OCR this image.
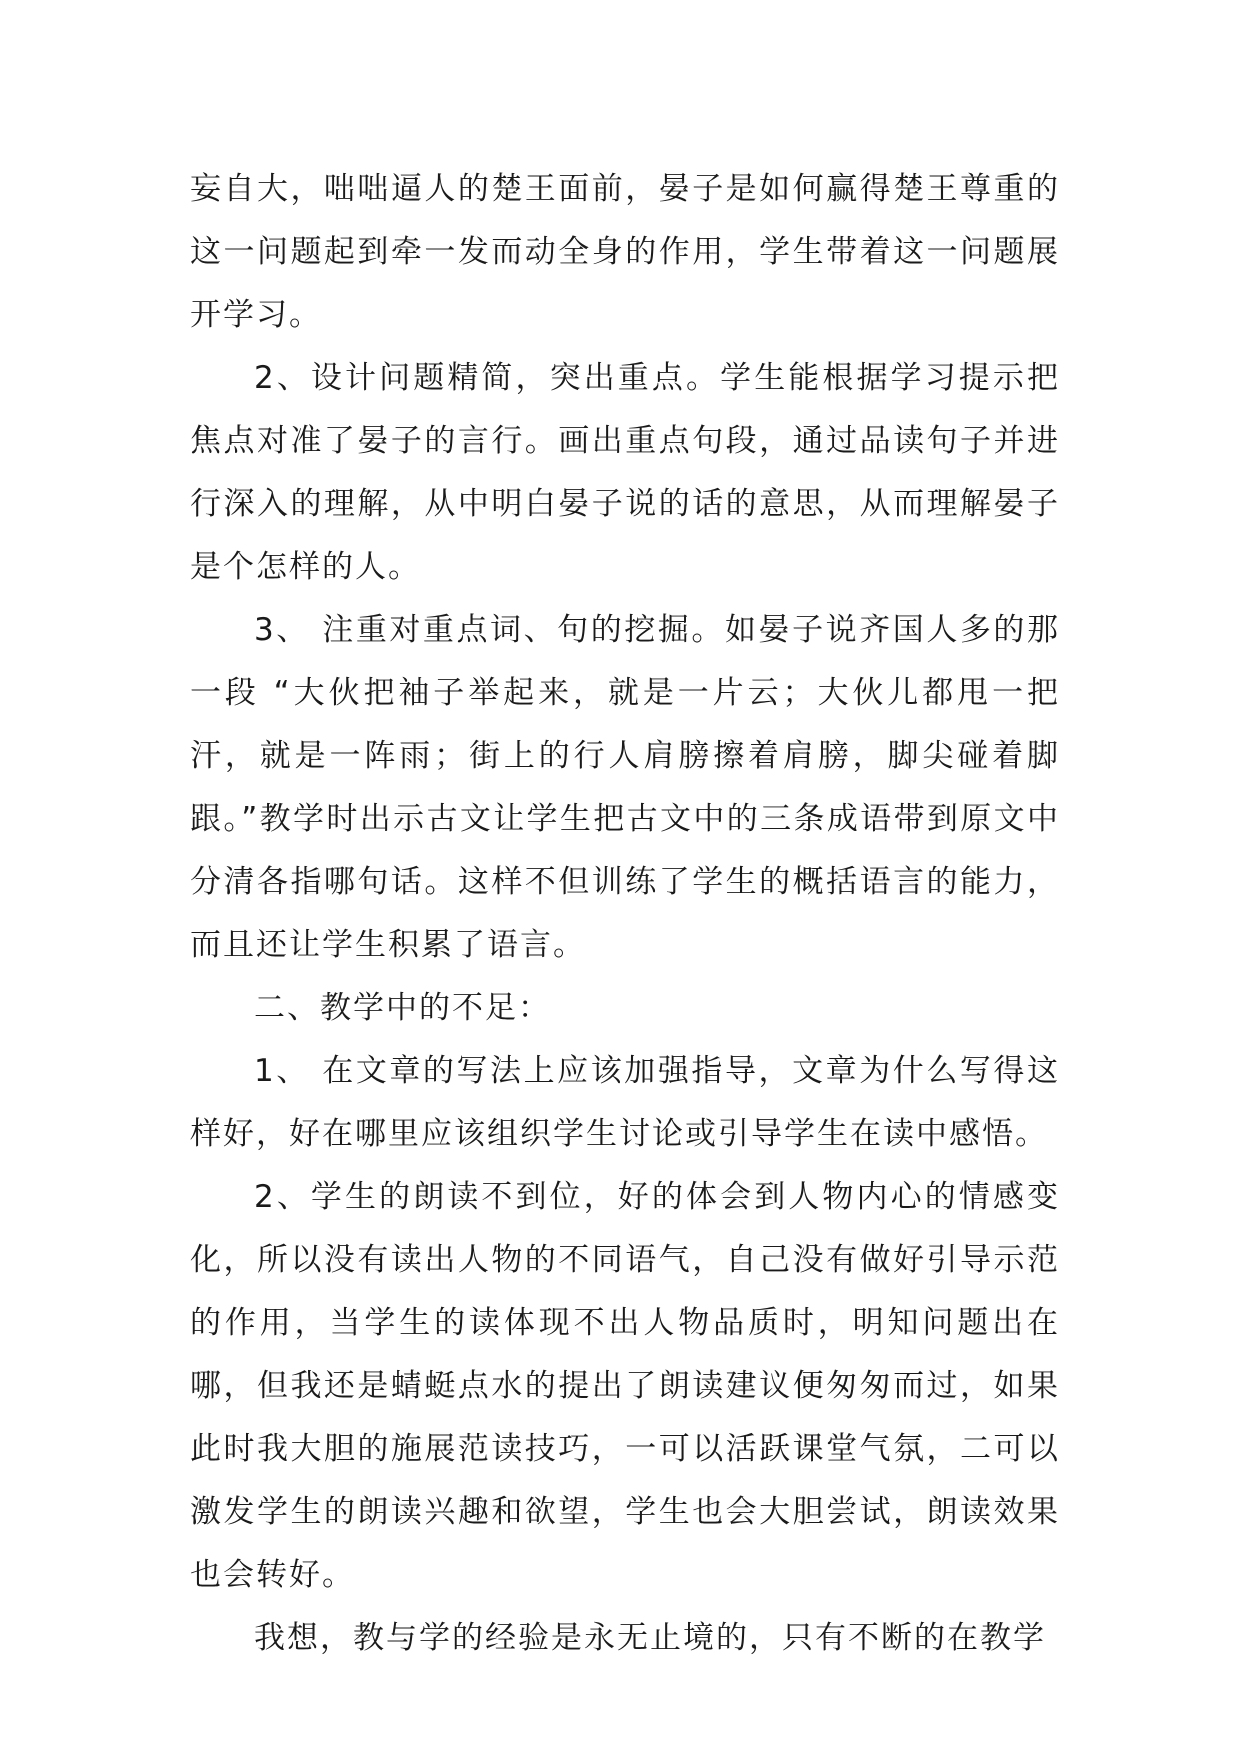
妄自大，咄咄逼人的楚王面前，晏子是如何赢得楚王尊重的这一问题起到牵一发而动全身的作用，学生带着这一问题展开学习。

2、设计问题精简，突出重点。学生能根据学习提示把焦点对准了晏子的言行。画出重点句段，通过品读句子并进行深入的理解，从中明白晏子说的话的意思，从而理解晏子是个怎样的人。

3、 注重对重点词、句的挖掘。如晏子说齐国人多的那一段 “大伙把袖子举起来，就是一片云；大伙儿都甩一把汗，就是一阵雨；街上的行人肩膀擦着肩膀，脚尖碰着脚跟。”教学时出示古文让学生把古文中的三条成语带到原文中分清各指哪句话。这样不但训练了学生的概括语言的能力，而且还让学生积累了语言。

二、教学中的不足：

1、 在文章的写法上应该加强指导，文章为什么写得这样好，好在哪里应该组织学生讨论或引导学生在读中感悟。

2、学生的朗读不到位，好的体会到人物内心的情感变化，所以没有读出人物的不同语气，自己没有做好引导示范的作用，当学生的读体现不出人物品质时，明知问题出在哪，但我还是蜻蜓点水的提出了朗读建议便匆匆而过，如果此时我大胆的施展范读技巧，一可以活跃课堂气氛，二可以激发学生的朗读兴趣和欲望，学生也会大胆尝试，朗读效果也会转好。

我想，教与学的经验是永无止境的，只有不断的在教学
